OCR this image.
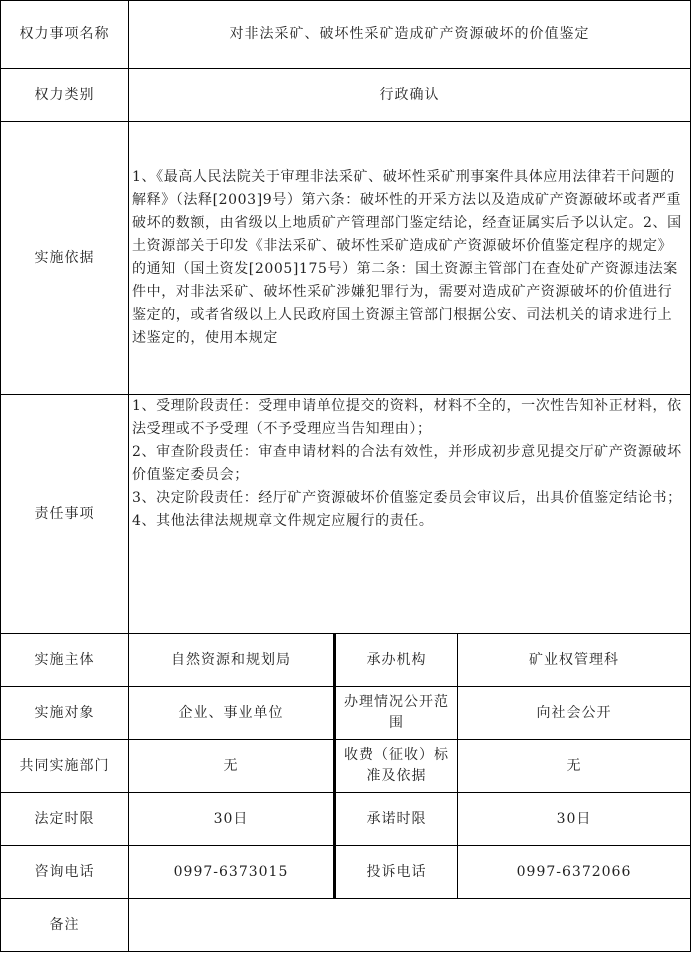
权力事项名称	对非法采矿、破坏性采矿造成矿产资源破坏的价值鉴定		
权力类别	行政确认		
实施依据	1、《最高人民法院关于审理非法采矿、破坏性采矿刑事案件具体应用法律若干问题的解释》（法释[2003]9号）第六条：破坏性的开采方法以及造成矿产资源破坏或者严重破坏的数额，由省级以上地质矿产管理部门鉴定结论，经查证属实后予以认定。2、国土资源部关于印发《非法采矿、破坏性采矿造成矿产资源破坏价值鉴定程序的规定》的通知（国土资发[2005]175号）第二条：国土资源主管部门在查处矿产资源违法案件中，对非法采矿、破坏性采矿涉嫌犯罪行为，需要对造成矿产资源破坏的价值进行鉴定的，或者省级以上人民政府国土资源主管部门根据公安、司法机关的请求进行上述鉴定的，使用本规定		
责任事项	1、受理阶段责任：受理申请单位提交的资料，材料不全的，一次性告知补正材料，依法受理或不予受理（不予受理应当告知理由）；

2、审查阶段责任：审查申请材料的合法有效性，并形成初步意见提交厅矿产资源破坏价值鉴定委员会；

3、决定阶段责任：经厅矿产资源破坏价值鉴定委员会审议后，出具价值鉴定结论书；

4、其他法律法规规章文件规定应履行的责任。		

实施主体	自然资源和规划局	承办机构	矿业权管理科
实施对象	企业、事业单位	办理情况公开范围	向社会公开
共同实施部门	无	收费（征收）标准及依据	无
法定时限	30日	承诺时限	30日
咨询电话	0997-6373015	投诉电话	0997-6372066
备注			
